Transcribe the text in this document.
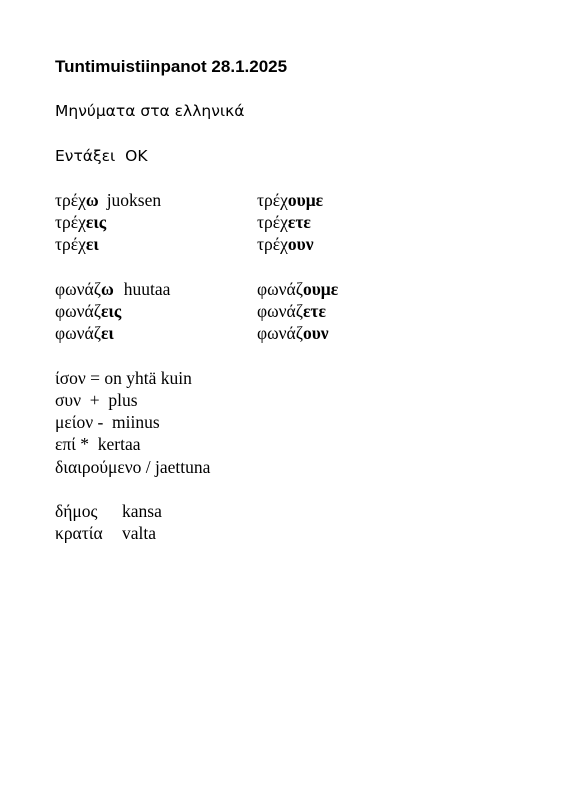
Tuntimuistiinpanot 28.1.2025
Μηνύματα στα ελληνικά
Εντάξει  OK
τρέχω juoksen	τρέχουμε
τρέχεις	τρέχετε
τρέχει	τρέχουν
φωνάζω huutaa	φωνάζουμε
φωνάζεις	φωνάζετε
φωνάζει	φωνάζουν
ίσον = on yhtä kuin
συν  +  plus
μείον -  miinus
επί *  kertaa
διαιρούμενο / jaettuna
δήμος kansa
κρατία valta
